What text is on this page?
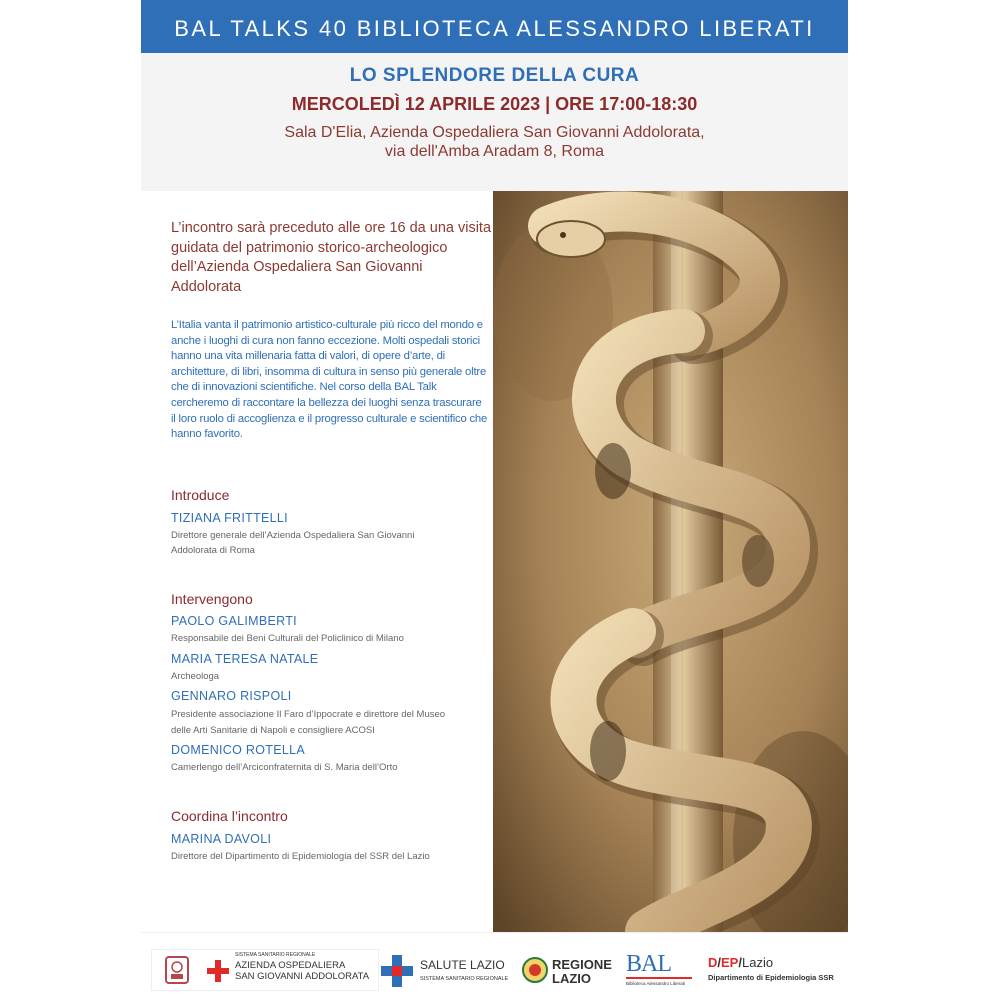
BAL TALKS 40 BIBLIOTECA ALESSANDRO LIBERATI
LO SPLENDORE DELLA CURA
MERCOLEDÌ 12 APRILE 2023 | ORE 17:00-18:30
Sala D'Elia, Azienda Ospedaliera San Giovanni Addolorata,
via dell'Amba Aradam 8, Roma
L’incontro sarà preceduto alle ore 16 da una visita guidata del patrimonio storico-archeologico dell’Azienda Ospedaliera San Giovanni Addolorata
L’Italia vanta il patrimonio artistico-culturale più ricco del mondo e anche i luoghi di cura non fanno eccezione. Molti ospedali storici hanno una vita millenaria fatta di valori, di opere d’arte, di architetture, di libri, insomma di cultura in senso più generale oltre che di innovazioni scientifiche. Nel corso della BAL Talk cercheremo di raccontare la bellezza dei luoghi senza trascurare il loro ruolo di accoglienza e il progresso culturale e scientifico che hanno favorito.
Introduce
TIZIANA FRITTELLI
Direttore generale dell’Azienda Ospedaliera San Giovanni
Addolorata di Roma
Intervengono
PAOLO GALIMBERTI
Responsabile dei Beni Culturali del Policlinico di Milano
MARIA TERESA NATALE
Archeologa
GENNARO RISPOLI
Presidente associazione Il Faro d’Ippocrate e direttore del Museo
delle Arti Sanitarie di Napoli e consigliere ACOSI
DOMENICO ROTELLA
Camerlengo dell’Arciconfraternita di S. Maria dell’Orto
Coordina l’incontro
MARINA DAVOLI
Direttore del Dipartimento di Epidemiologia del SSR del Lazio
SISTEMA SANITARIO REGIONALE
AZIENDA OSPEDALIERA
SAN GIOVANNI ADDOLORATA
SALUTE LAZIO
SISTEMA SANITARIO REGIONALE
REGIONE
LAZIO
BAL
Biblioteca Alessandro Liberati
D/EP/Lazio
Dipartimento di Epidemiologia SSR
